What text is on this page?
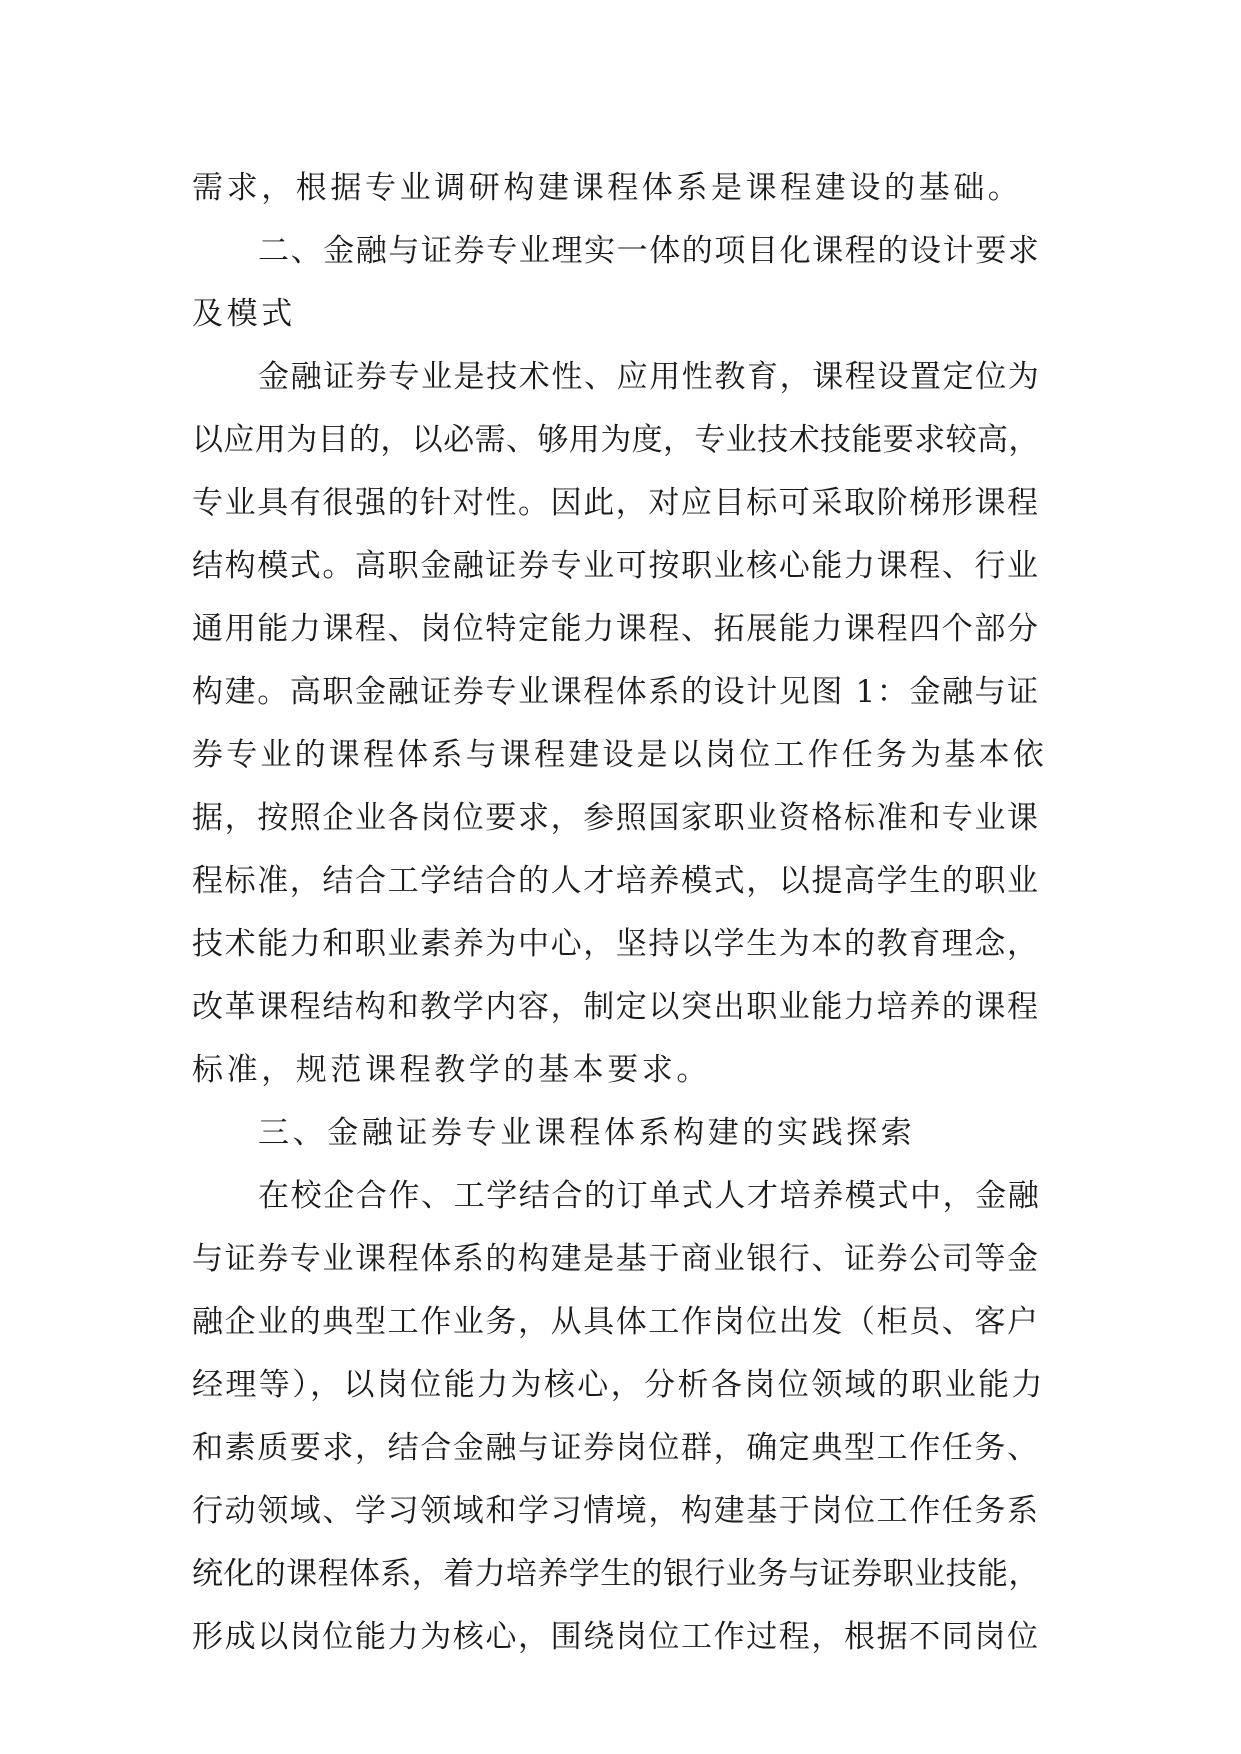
需求，根据专业调研构建课程体系是课程建设的基础。
二、金融与证券专业理实一体的项目化课程的设计要求
及模式
金融证券专业是技术性、应用性教育，课程设置定位为
以应用为目的，以必需、够用为度，专业技术技能要求较高，
专业具有很强的针对性。因此，对应目标可采取阶梯形课程
结构模式。高职金融证券专业可按职业核心能力课程、行业
通用能力课程、岗位特定能力课程、拓展能力课程四个部分
构建。高职金融证券专业课程体系的设计见图 1：金融与证
券专业的课程体系与课程建设是以岗位工作任务为基本依
据，按照企业各岗位要求，参照国家职业资格标准和专业课
程标准，结合工学结合的人才培养模式，以提高学生的职业
技术能力和职业素养为中心，坚持以学生为本的教育理念，
改革课程结构和教学内容，制定以突出职业能力培养的课程
标准，规范课程教学的基本要求。
三、金融证券专业课程体系构建的实践探索
在校企合作、工学结合的订单式人才培养模式中，金融
与证券专业课程体系的构建是基于商业银行、证券公司等金
融企业的典型工作业务，从具体工作岗位出发（柜员、客户
经理等），以岗位能力为核心，分析各岗位领域的职业能力
和素质要求，结合金融与证券岗位群，确定典型工作任务、
行动领域、学习领域和学习情境，构建基于岗位工作任务系
统化的课程体系，着力培养学生的银行业务与证券职业技能，
形成以岗位能力为核心，围绕岗位工作过程，根据不同岗位
